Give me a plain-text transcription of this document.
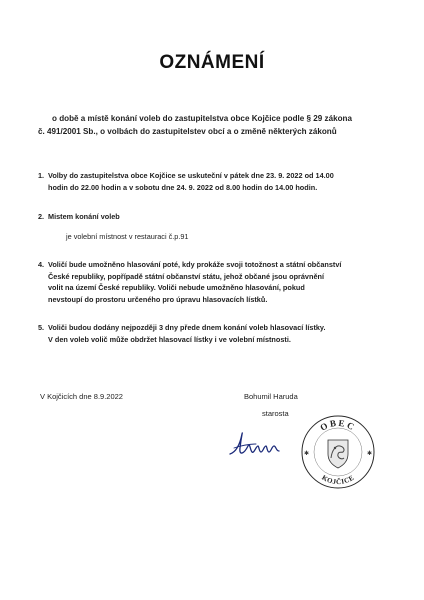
OZNÁMENÍ
o době a místě konání voleb do zastupitelstva obce Kojčice podle § 29 zákona
č. 491/2001 Sb., o volbách do zastupitelstev obcí a o změně některých zákonů
1. Volby do zastupitelstva obce Kojčice se uskuteční v pátek dne 23. 9. 2022 od 14.00
hodin do 22.00 hodin a v sobotu dne 24. 9. 2022 od 8.00 hodin do 14.00 hodin.
2. Mistem konání voleb
je volební místnost v restauraci č.p.91
4. Voličí bude umožněno hlasování poté, kdy prokáže svoji totožnost a státní občanství
České republiky, popřípadě státní občanství státu, jehož občané jsou oprávnění
volit na území České republiky. Voliči nebude umožněno hlasování, pokud
nevstoupí do prostoru určeného pro úpravu hlasovacích lístků.
5. Voliči budou dodány nejpozději 3 dny přede dnem konání voleb hlasovací lístky.
V den voleb volič může obdržet hlasovací lístky i ve volební místnosti.
V Kojčicích dne 8.9.2022	Bohumil Haruda
starosta
OBEC
KOJČICE
✱	✱
